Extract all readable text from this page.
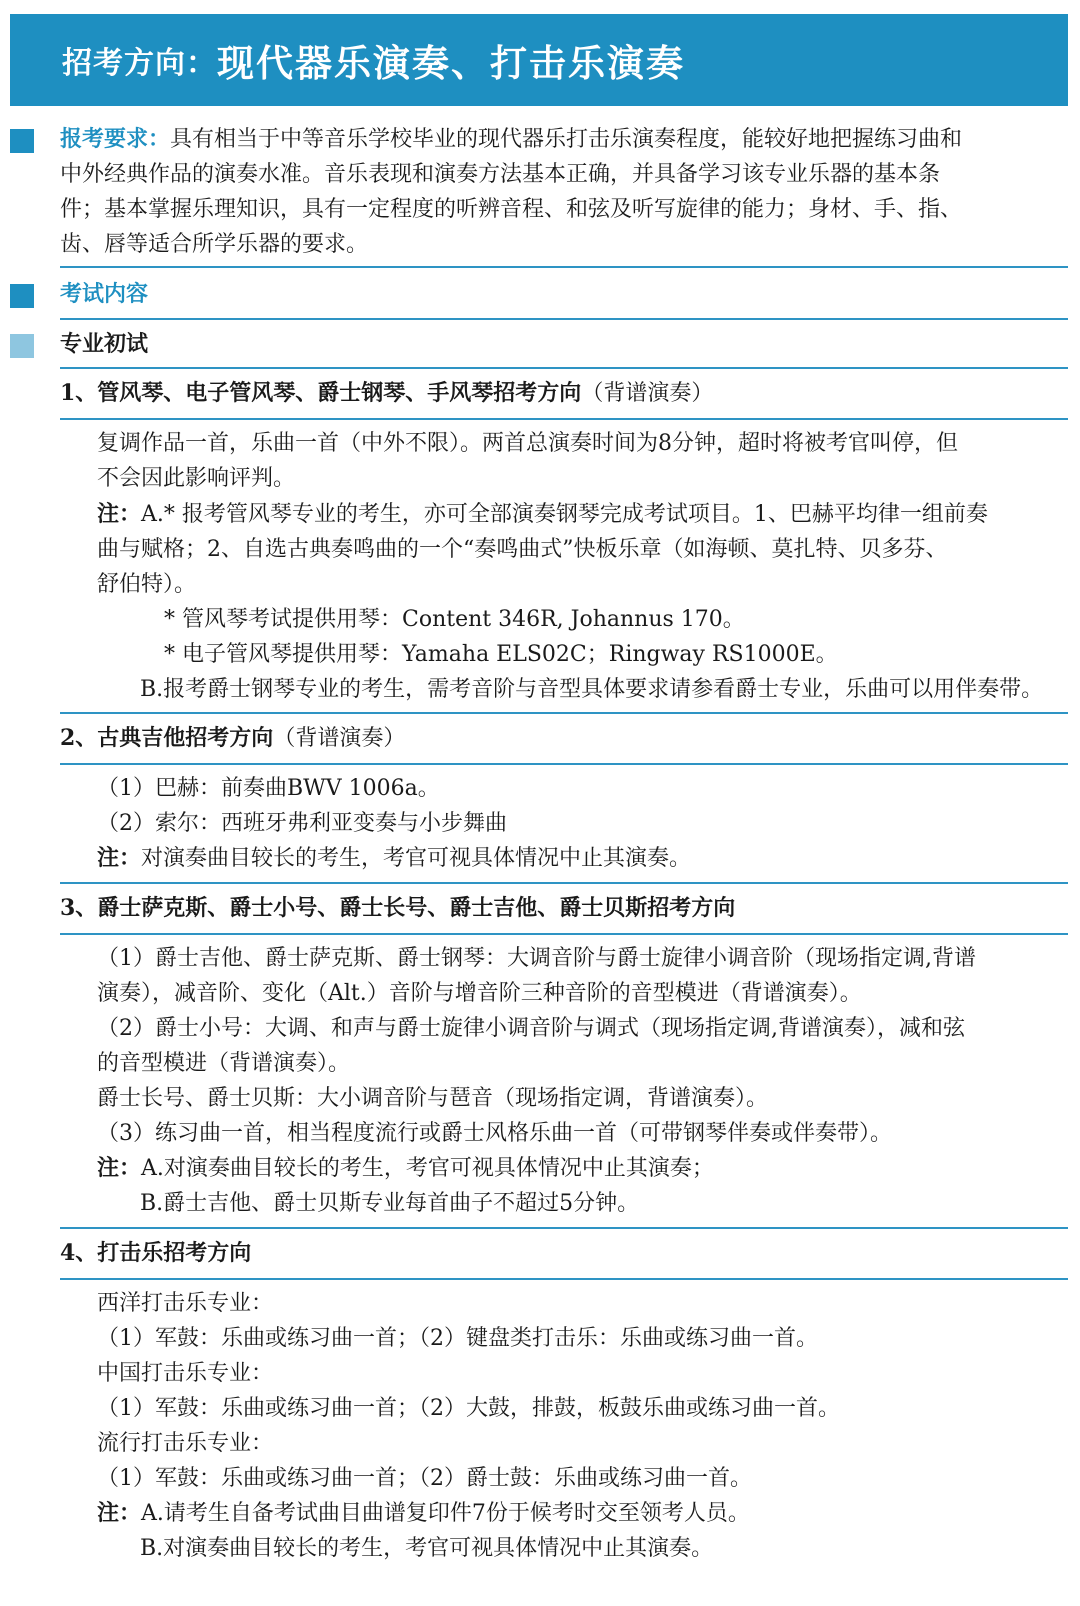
招考方向： 现代器乐演奏、打击乐演奏
报考要求：具有相当于中等音乐学校毕业的现代器乐打击乐演奏程度，能较好地把握练习曲和
中外经典作品的演奏水准。音乐表现和演奏方法基本正确，并具备学习该专业乐器的基本条
件；基本掌握乐理知识，具有一定程度的听辨音程、和弦及听写旋律的能力；身材、手、指、
齿、唇等适合所学乐器的要求。
考试内容
专业初试
1、管风琴、电子管风琴、爵士钢琴、手风琴招考方向（背谱演奏）
复调作品一首，乐曲一首（中外不限）。两首总演奏时间为8分钟，超时将被考官叫停，但
不会因此影响评判。
注：A.* 报考管风琴专业的考生，亦可全部演奏钢琴完成考试项目。1、巴赫平均律一组前奏
曲与赋格；2、自选古典奏鸣曲的一个“奏鸣曲式”快板乐章（如海顿、莫扎特、贝多芬、
舒伯特）。
* 管风琴考试提供用琴：Content 346R, Johannus 170。
* 电子管风琴提供用琴：Yamaha ELS02C；Ringway RS1000E。
B.报考爵士钢琴专业的考生，需考音阶与音型具体要求请参看爵士专业，乐曲可以用伴奏带。
2、古典吉他招考方向（背谱演奏）
（1）巴赫：前奏曲BWV 1006a。
（2）索尔：西班牙弗利亚变奏与小步舞曲
注：对演奏曲目较长的考生，考官可视具体情况中止其演奏。
3、爵士萨克斯、爵士小号、爵士长号、爵士吉他、爵士贝斯招考方向
（1）爵士吉他、爵士萨克斯、爵士钢琴：大调音阶与爵士旋律小调音阶（现场指定调,背谱
演奏），减音阶、变化（Alt.）音阶与增音阶三种音阶的音型模进（背谱演奏）。
（2）爵士小号：大调、和声与爵士旋律小调音阶与调式（现场指定调,背谱演奏），减和弦
的音型模进（背谱演奏）。
爵士长号、爵士贝斯：大小调音阶与琶音（现场指定调，背谱演奏）。
（3）练习曲一首，相当程度流行或爵士风格乐曲一首（可带钢琴伴奏或伴奏带）。
注：A.对演奏曲目较长的考生，考官可视具体情况中止其演奏；
B.爵士吉他、爵士贝斯专业每首曲子不超过5分钟。
4、打击乐招考方向
西洋打击乐专业：
（1）军鼓：乐曲或练习曲一首；（2）键盘类打击乐：乐曲或练习曲一首。
中国打击乐专业：
（1）军鼓：乐曲或练习曲一首；（2）大鼓，排鼓，板鼓乐曲或练习曲一首。
流行打击乐专业：
（1）军鼓：乐曲或练习曲一首；（2）爵士鼓：乐曲或练习曲一首。
注：A.请考生自备考试曲目曲谱复印件7份于候考时交至领考人员。
B.对演奏曲目较长的考生，考官可视具体情况中止其演奏。
